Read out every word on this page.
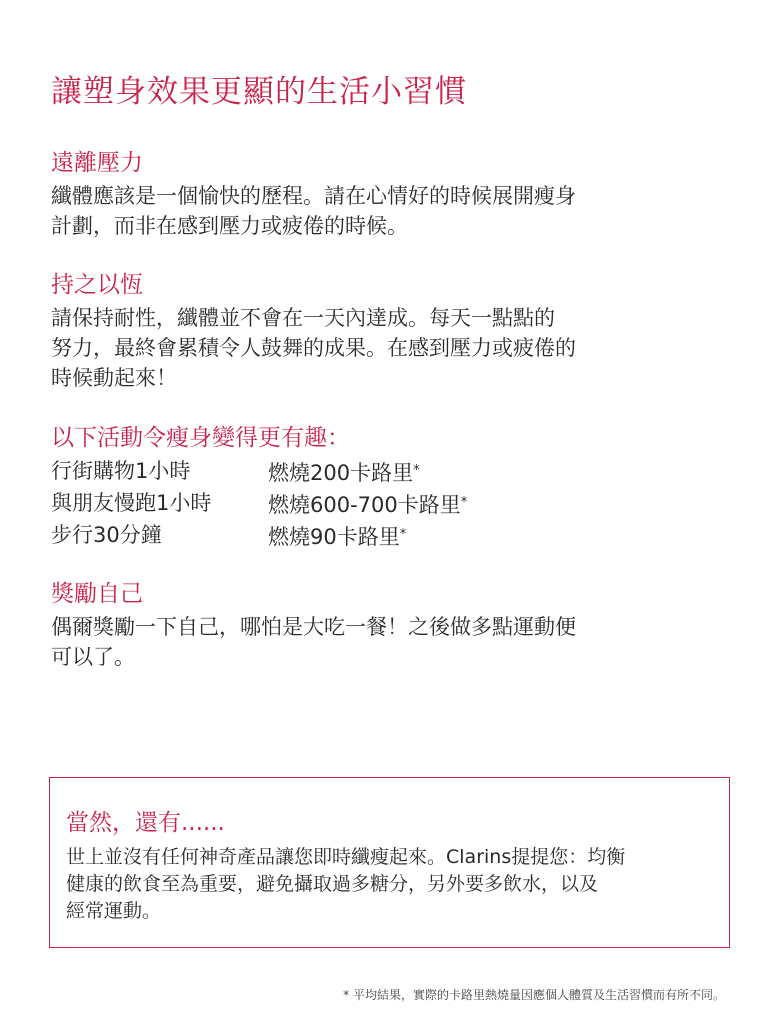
讓塑身效果更顯的生活小習慣
遠離壓力

纖體應該是一個愉快的歷程。請在心情好的時候展開瘦身
計劃，而非在感到壓力或疲倦的時候。

持之以恆

請保持耐性，纖體並不會在一天內達成。每天一點點的
努力，最終會累積令人鼓舞的成果。在感到壓力或疲倦的
時候動起來！

以下活動令瘦身變得更有趣：
行街購物1小時	燃燒200卡路里*
與朋友慢跑1小時	燃燒600-700卡路里*
步行30分鐘	燃燒90卡路里*
獎勵自己

偶爾獎勵一下自己，哪怕是大吃一餐！之後做多點運動便
可以了。

當然，還有......
世上並沒有任何神奇產品讓您即時纖瘦起來。Clarins提提您：均衡
健康的飲食至為重要，避免攝取過多糖分，另外要多飲水，以及
經常運動。
* 平均結果，實際的卡路里熱燒量因應個人體質及生活習慣而有所不同。
